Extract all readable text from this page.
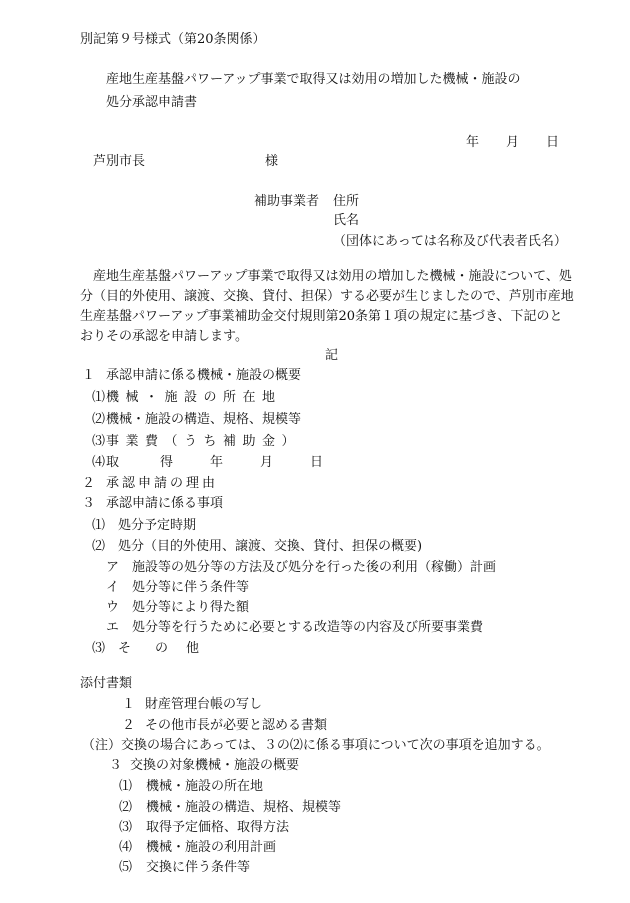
別記第９号様式（第20条関係）
産地生産基盤パワーアップ事業で取得又は効用の増加した機械・施設の
処分承認申請書
年 月 日
芦別市長	様
補助事業者 住所
氏名
（団体にあっては名称及び代表者氏名）
産地生産基盤パワーアップ事業で取得又は効用の増加した機械・施設について、処
分（目的外使用、譲渡、交換、貸付、担保）する必要が生じましたので、芦別市産地
生産基盤パワーアップ事業補助金交付規則第20条第１項の規定に基づき、下記のと
おりその承認を申請します。
記
１ 承認申請に係る機械・施設の概要
⑴ 機械・施設の所在地
⑵ 機械・施設の構造、規格、規模等
⑶ 事業費（うち補助金）
⑷ 取	得	年	月	日
２ 承認申請の理由
３ 承認申請に係る事項
⑴ 処分予定時期
⑵ 処分（目的外使用、譲渡、交換、貸付、担保の概要)
ア 施設等の処分等の方法及び処分を行った後の利用（稼働）計画
イ 処分等に伴う条件等
ウ 処分等により得た額
エ 処分等を行うために必要とする改造等の内容及び所要事業費
⑶ そ の 他
添付書類
１ 財産管理台帳の写し
２ その他市長が必要と認める書類
（注）交換の場合にあっては、３の⑵に係る事項について次の事項を追加する。
３ 交換の対象機械・施設の概要
⑴ 機械・施設の所在地
⑵ 機械・施設の構造、規格、規模等
⑶ 取得予定価格、取得方法
⑷ 機械・施設の利用計画
⑸ 交換に伴う条件等
